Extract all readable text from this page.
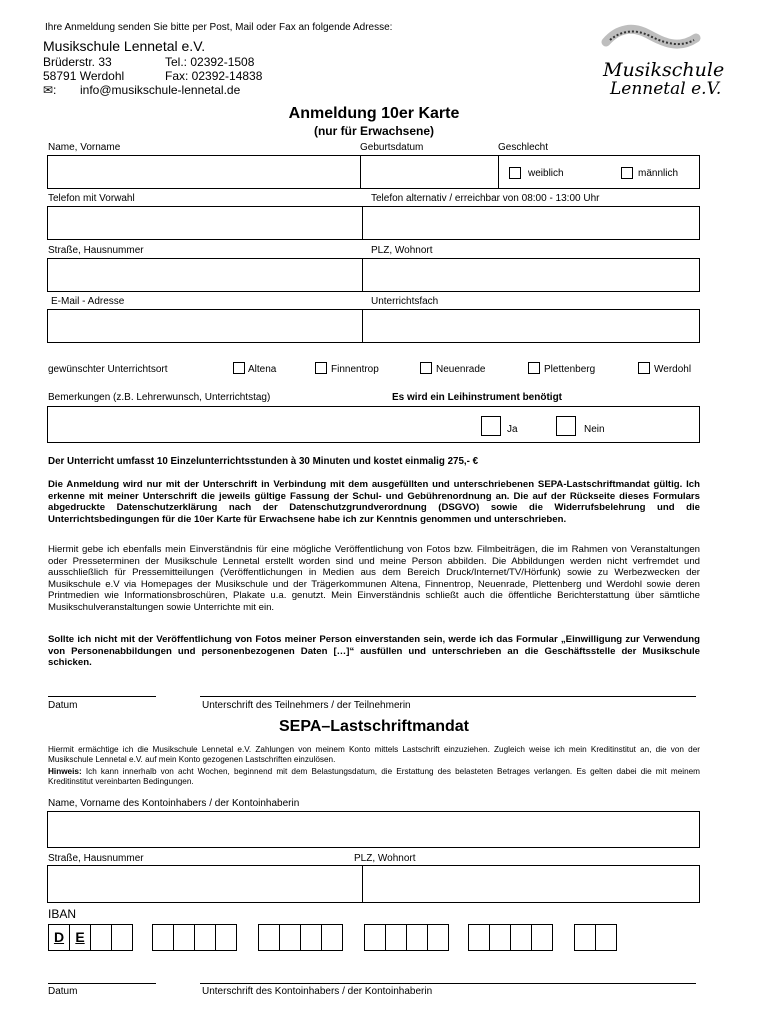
Ihre Anmeldung senden Sie bitte per Post, Mail oder Fax an folgende Adresse:
Musikschule Lennetal e.V.
Brüderstr. 33	Tel.: 02392-1508
58791 Werdohl	Fax: 02392-14838
✉: info@musikschule-lennetal.de
Musikschule
Lennetal e.V.
Anmeldung 10er Karte
(nur für Erwachsene)
Name, Vorname	Geburtsdatum	Geschlecht
weiblich	männlich
Telefon mit Vorwahl	Telefon alternativ / erreichbar von 08:00 - 13:00 Uhr
Straße, Hausnummer	PLZ, Wohnort
E-Mail - Adresse	Unterrichtsfach
gewünschter Unterrichtsort	Altena	Finnentrop	Neuenrade	Plettenberg	Werdohl
Bemerkungen (z.B. Lehrerwunsch, Unterrichtstag)	Es wird ein Leihinstrument benötigt
Ja	Nein
Der Unterricht umfasst 10 Einzelunterrichtsstunden à 30 Minuten und kostet einmalig 275,- €
Die Anmeldung wird nur mit der Unterschrift in Verbindung mit dem ausgefüllten und unterschriebenen SEPA-Lastschriftmandat gültig. Ich erkenne mit meiner Unterschrift die jeweils gültige Fassung der Schul- und Gebührenordnung an. Die auf der Rückseite dieses Formulars abgedruckte Datenschutzerklärung nach der Datenschutzgrundverordnung (DSGVO) sowie die Widerrufsbelehrung und die Unterrichtsbedingungen für die 10er Karte für Erwachsene habe ich zur Kenntnis genommen und unterschrieben.
Hiermit gebe ich ebenfalls mein Einverständnis für eine mögliche Veröffentlichung von Fotos bzw. Filmbeiträgen, die im Rahmen von Veranstaltungen oder Presseterminen der Musikschule Lennetal erstellt worden sind und meine Person abbilden. Die Abbildungen werden nicht verfremdet und ausschließlich für Pressemitteilungen (Veröffentlichungen in Medien aus dem Bereich Druck/Internet/TV/Hörfunk) sowie zu Werbezwecken der Musikschule e.V via Homepages der Musikschule und der Trägerkommunen Altena, Finnentrop, Neuenrade, Plettenberg und Werdohl sowie deren Printmedien wie Informationsbroschüren, Plakate u.a. genutzt. Mein Einverständnis schließt auch die öffentliche Berichterstattung über sämtliche Musikschulveranstaltungen sowie Unterrichte mit ein.
Sollte ich nicht mit der Veröffentlichung von Fotos meiner Person einverstanden sein, werde ich das Formular „Einwilligung zur Verwendung von Personenabbildungen und personenbezogenen Daten […]“ ausfüllen und unterschrieben an die Geschäftsstelle der Musikschule schicken.
Datum	Unterschrift des Teilnehmers / der Teilnehmerin
SEPA–Lastschriftmandat
Hiermit ermächtige ich die Musikschule Lennetal e.V. Zahlungen von meinem Konto mittels Lastschrift einzuziehen. Zugleich weise ich mein Kreditinstitut an, die von der Musikschule Lennetal e.V. auf mein Konto gezogenen Lastschriften einzulösen.
Hinweis: Ich kann innerhalb von acht Wochen, beginnend mit dem Belastungsdatum, die Erstattung des belasteten Betrages verlangen. Es gelten dabei die mit meinem Kreditinstitut vereinbarten Bedingungen.
Name, Vorname des Kontoinhabers / der Kontoinhaberin
Straße, Hausnummer	PLZ, Wohnort
IBAN
D E
Datum	Unterschrift des Kontoinhabers / der Kontoinhaberin
